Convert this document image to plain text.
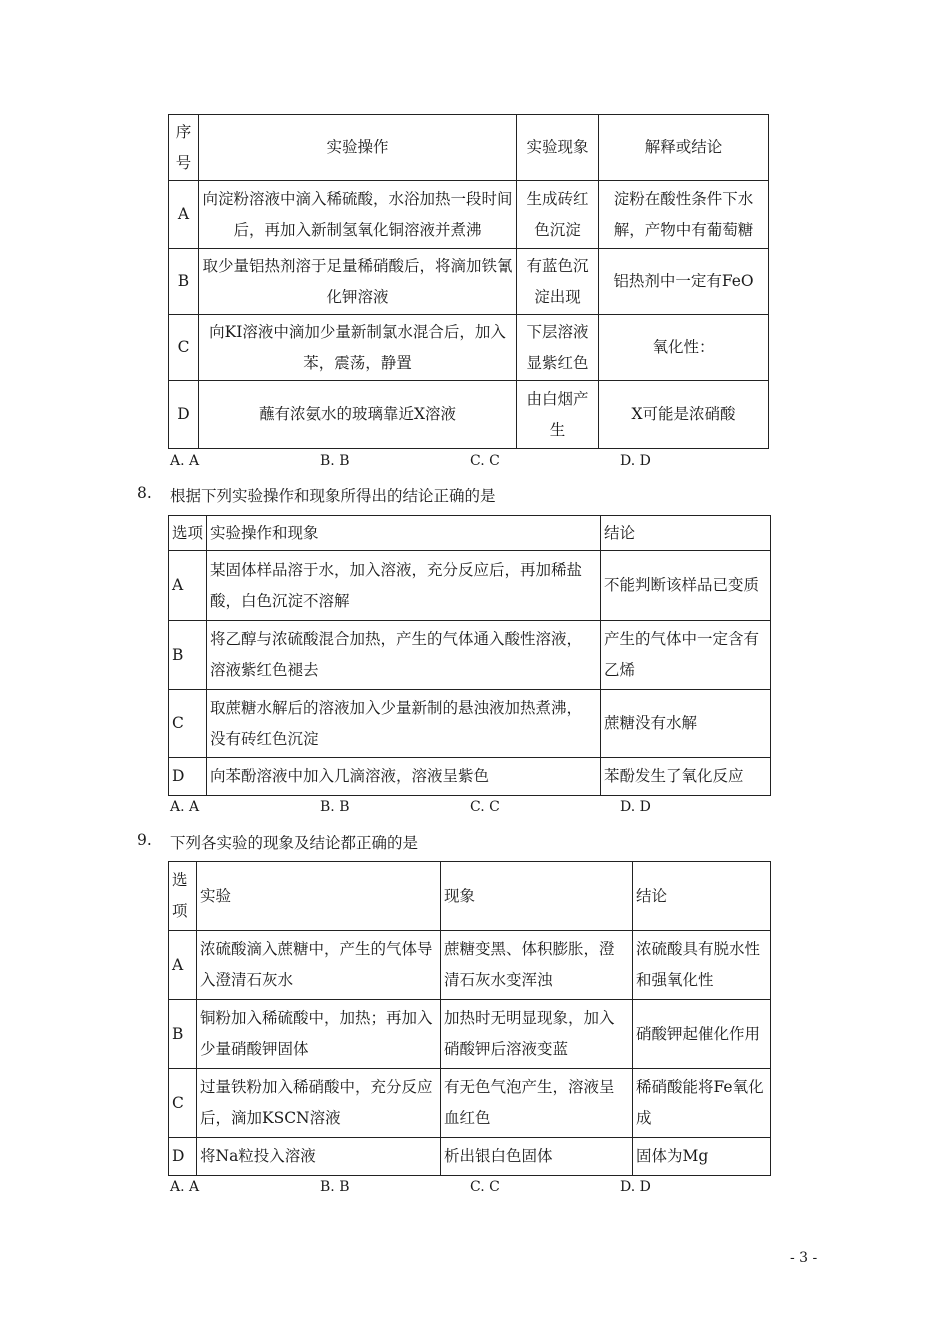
序号	实验操作	实验现象	解释或结论
A	向淀粉溶液中滴入稀硫酸，水浴加热一段时间后，再加入新制氢氧化铜溶液并煮沸	生成砖红色沉淀	淀粉在酸性条件下水解，产物中有葡萄糖
B	取少量铝热剂溶于足量稀硝酸后，将滴加铁氰化钾溶液	有蓝色沉淀出现	铝热剂中一定有FeO
C	向KI溶液中滴加少量新制氯水混合后，加入苯，震荡，静置	下层溶液显紫红色	氧化性：
D	蘸有浓氨水的玻璃靠近X溶液	由白烟产生	X可能是浓硝酸
A. A	B. B	C. C	D. D
8. 根据下列实验操作和现象所得出的结论正确的是
选项	实验操作和现象	结论
A	某固体样品溶于水，加入溶液，充分反应后，再加稀盐酸，白色沉淀不溶解	不能判断该样品已变质
B	将乙醇与浓硫酸混合加热，产生的气体通入酸性溶液，溶液紫红色褪去	产生的气体中一定含有乙烯
C	取蔗糖水解后的溶液加入少量新制的悬浊液加热煮沸，没有砖红色沉淀	蔗糖没有水解
D	向苯酚溶液中加入几滴溶液，溶液呈紫色	苯酚发生了氧化反应
A. A	B. B	C. C	D. D
9. 下列各实验的现象及结论都正确的是
选项	实验	现象	结论
A	浓硫酸滴入蔗糖中，产生的气体导入澄清石灰水	蔗糖变黑、体积膨胀，澄清石灰水变浑浊	浓硫酸具有脱水性和强氧化性
B	铜粉加入稀硫酸中，加热；再加入少量硝酸钾固体	加热时无明显现象，加入硝酸钾后溶液变蓝	硝酸钾起催化作用
C	过量铁粉加入稀硝酸中，充分反应后，滴加KSCN溶液	有无色气泡产生，溶液呈血红色	稀硝酸能将Fe氧化成
D	将Na粒投入溶液	析出银白色固体	固体为Mg
A. A	B. B	C. C	D. D
- 3 -
